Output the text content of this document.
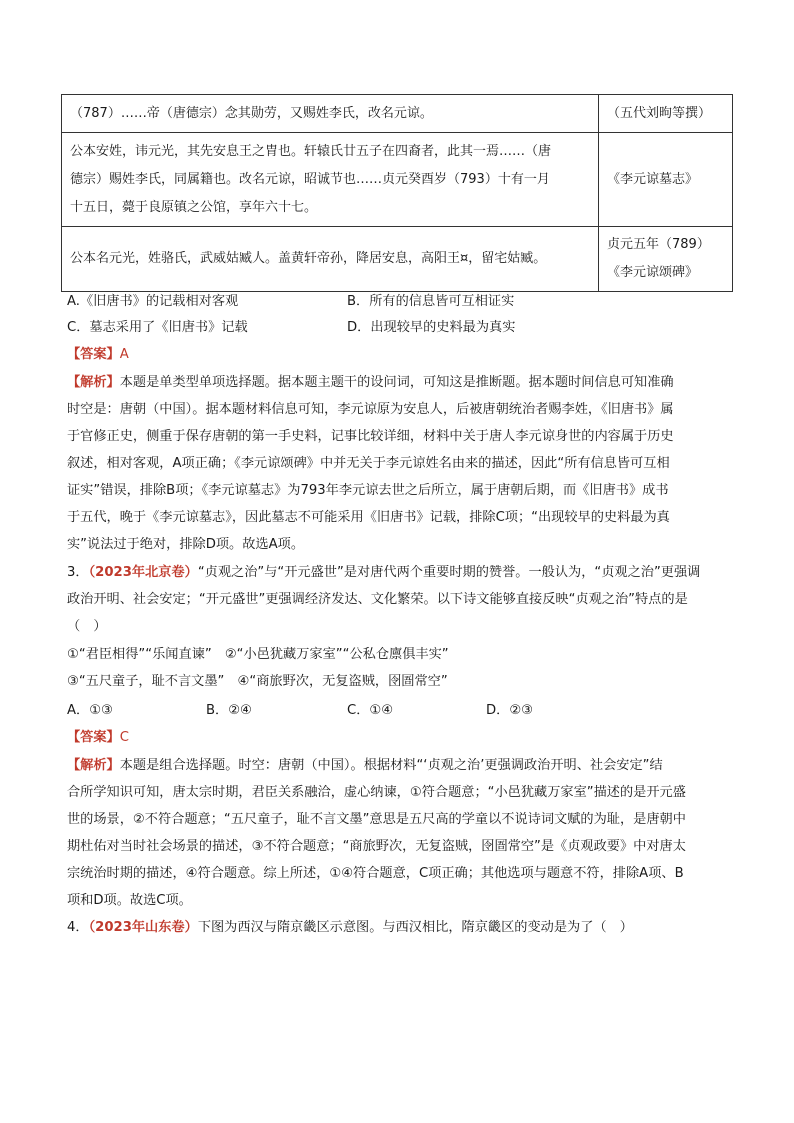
（787）……帝（唐德宗）念其勋劳，又赐姓李氏，改名元谅。	（五代刘昫等撰）

公本安姓，讳元光，其先安息王之胄也。轩辕氏廿五子在四裔者，此其一焉……（唐
德宗）赐姓李氏，同属籍也。改名元谅，昭诚节也……贞元癸酉岁（793）十有一月
十五日，薨于良原镇之公馆，享年六十七。	《李元谅墓志》

公本名元光，姓骆氏，武威姑臧人。盖黄轩帝孙，降居安息，高阳王¤，留宅姑臧。	贞元五年（789）
《李元谅颂碑》
A.《旧唐书》的记载相对客观	B．所有的信息皆可互相证实
C．墓志采用了《旧唐书》记载	D．出现较早的史料最为真实
【答案】A
【解析】本题是单类型单项选择题。据本题主题干的设问词，可知这是推断题。据本题时间信息可知准确
时空是：唐朝（中国）。据本题材料信息可知，李元谅原为安息人，后被唐朝统治者赐李姓，《旧唐书》属
于官修正史，侧重于保存唐朝的第一手史料，记事比较详细，材料中关于唐人李元谅身世的内容属于历史
叙述，相对客观，A项正确；《李元谅颂碑》中并无关于李元谅姓名由来的描述，因此“所有信息皆可互相
证实”错误，排除B项；《李元谅墓志》为793年李元谅去世之后所立，属于唐朝后期，而《旧唐书》成书
于五代，晚于《李元谅墓志》，因此墓志不可能采用《旧唐书》记载，排除C项；“出现较早的史料最为真
实”说法过于绝对，排除D项。故选A项。
3．（2023年北京卷）“贞观之治”与“开元盛世”是对唐代两个重要时期的赞誉。一般认为，“贞观之治”更强调
政治开明、社会安定；“开元盛世”更强调经济发达、文化繁荣。以下诗文能够直接反映“贞观之治”特点的是
（　）
①“君臣相得”“乐闻直谏”　②“小邑犹藏万家室”“公私仓廪俱丰实”
③“五尺童子，耻不言文墨”　④“商旅野次，无复盗贼，囹圄常空”
A．①③	B．②④	C．①④	D．②③
【答案】C
【解析】本题是组合选择题。时空：唐朝（中国）。根据材料“‘贞观之治’更强调政治开明、社会安定”结
合所学知识可知，唐太宗时期，君臣关系融洽，虚心纳谏，①符合题意；“小邑犹藏万家室”描述的是开元盛
世的场景，②不符合题意；“五尺童子，耻不言文墨”意思是五尺高的学童以不说诗词文赋的为耻，是唐朝中
期杜佑对当时社会场景的描述，③不符合题意；“商旅野次，无复盗贼，囹圄常空”是《贞观政要》中对唐太
宗统治时期的描述，④符合题意。综上所述，①④符合题意，C项正确；其他选项与题意不符，排除A项、B
项和D项。故选C项。
4．（2023年山东卷）下图为西汉与隋京畿区示意图。与西汉相比，隋京畿区的变动是为了（　）
